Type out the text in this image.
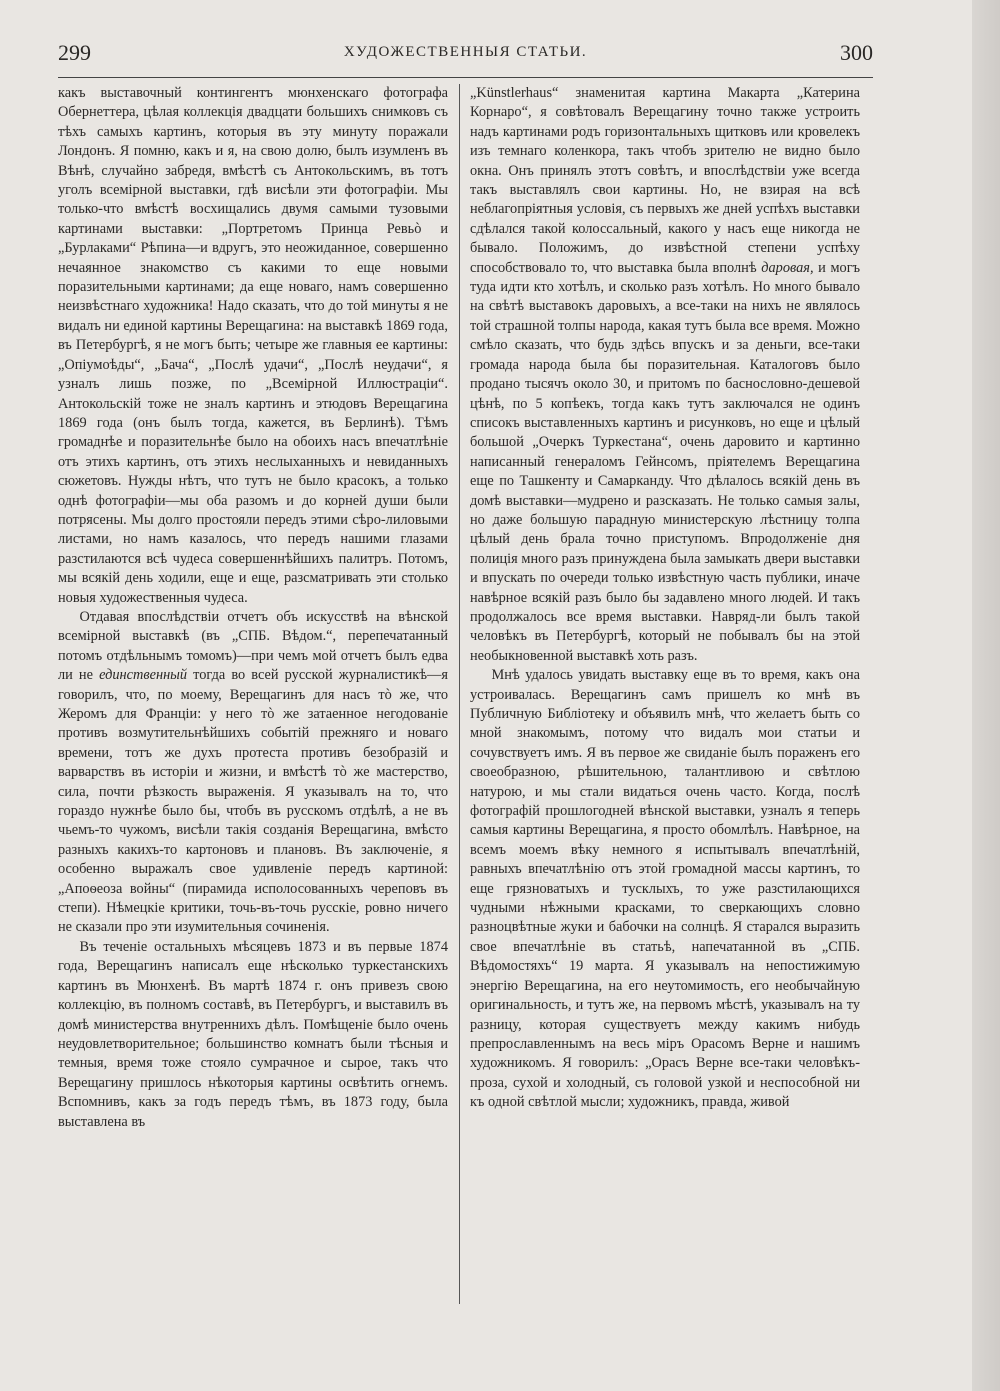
299	ХУДОЖЕСТВЕННЫЯ СТАТЬИ.	300

какъ выставочный контингентъ мюнхенскаго фотографа Обернеттера, цѣлая коллекція двадцати большихъ снимковъ съ тѣхъ самыхъ картинъ, которыя въ эту минуту поражали Лондонъ. Я помню, какъ и я, на свою долю, былъ изумленъ въ Вѣнѣ, случайно забредя, вмѣстѣ съ Антокольскимъ, въ тотъ уголъ всемірной выставки, гдѣ висѣли эти фотографіи. Мы только-что вмѣстѣ восхищались двумя самыми тузовыми картинами выставки: „Портретомъ Принца Ревьò и „Бурлаками“ Рѣпина—и вдругъ, это неожиданное, совершенно нечаянное знакомство съ какими то еще новыми поразительными картинами; да еще новаго, намъ совершенно неизвѣстнаго художника! Надо сказать, что до той минуты я не видалъ ни единой картины Верещагина: на выставкѣ 1869 года, въ Петербургѣ, я не могъ быть; четыре же главныя ее картины: „Опіумоѣды“, „Бача“, „Послѣ удачи“, „Послѣ неудачи“, я узналъ лишь позже, по „Всемірной Иллюстраціи“. Антокольскій тоже не зналъ картинъ и этюдовъ Верещагина 1869 года (онъ былъ тогда, кажется, въ Берлинѣ). Тѣмъ громаднѣе и поразительнѣе было на обоихъ насъ впечатлѣніе отъ этихъ картинъ, отъ этихъ неслыханныхъ и невиданныхъ сюжетовъ. Нужды нѣтъ, что тутъ не было красокъ, а только однѣ фотографіи—мы оба разомъ и до корней души были потрясены. Мы долго простояли передъ этими сѣро-лиловыми листами, но намъ казалось, что передъ нашими глазами разстилаются всѣ чудеса совершеннѣйшихъ палитръ. Потомъ, мы всякій день ходили, еще и еще, разсматривать эти столько новыя художественныя чудеса.

Отдавая впослѣдствіи отчетъ объ искусствѣ на вѣнской всемірной выставкѣ (въ „СПБ. Вѣдом.“, перепечатанный потомъ отдѣльнымъ томомъ)—при чемъ мой отчетъ былъ едва ли не единственный тогда во всей русской журналистикѣ—я говорилъ, что, по моему, Верещагинъ для насъ тò же, что Жеромъ для Франціи: у него тò же затаенное негодованіе противъ возмутительнѣйшихъ событій прежняго и новаго времени, тотъ же духъ протеста противъ безобразій и варварствъ въ исторіи и жизни, и вмѣстѣ тò же мастерство, сила, почти рѣзкость выраженія. Я указывалъ на то, что гораздо нужнѣе было бы, чтобъ въ русскомъ отдѣлѣ, а не въ чьемъ-то чужомъ, висѣли такія созданія Верещагина, вмѣсто разныхъ какихъ-то картоновъ и плановъ. Въ заключеніе, я особенно выражалъ свое удивленіе передъ картиной: „Апоѳеоза войны“ (пирамида исполосованныхъ череповъ въ степи). Нѣмецкіе критики, точь-въ-точь русскіе, ровно ничего не сказали про эти изумительныя сочиненія.

Въ теченіе остальныхъ мѣсяцевъ 1873 и въ первые 1874 года, Верещагинъ написалъ еще нѣсколько туркестанскихъ картинъ въ Мюнхенѣ. Въ мартѣ 1874 г. онъ привезъ свою коллекцію, въ полномъ составѣ, въ Петербургъ, и выставилъ въ домѣ министерства внутреннихъ дѣлъ. Помѣщеніе было очень неудовлетворительное; большинство комнатъ были тѣсныя и темныя, время тоже стояло сумрачное и сырое, такъ что Верещагину пришлось нѣкоторыя картины освѣтить огнемъ. Вспомнивъ, какъ за годъ передъ тѣмъ, въ 1873 году, была выставлена въ

„Künstlerhaus“ знаменитая картина Макарта „Катерина Корнаро“, я совѣтовалъ Верещагину точно также устроить надъ картинами родъ горизонтальныхъ щитковъ или кровелекъ изъ темнаго коленкора, такъ чтобъ зрителю не видно было окна. Онъ принялъ этотъ совѣтъ, и впослѣдствіи уже всегда такъ выставлялъ свои картины. Но, не взирая на всѣ неблагопріятныя условія, съ первыхъ же дней успѣхъ выставки сдѣлался такой колоссальный, какого у насъ еще никогда не бывало. Положимъ, до извѣстной степени успѣху способствовало то, что выставка была вполнѣ даровая, и могъ туда идти кто хотѣлъ, и сколько разъ хотѣлъ. Но много бывало на свѣтѣ выставокъ даровыхъ, а все-таки на нихъ не являлось той страшной толпы народа, какая тутъ была все время. Можно смѣло сказать, что будь здѣсь впускъ и за деньги, все-таки громада народа была бы поразительная. Каталоговъ было продано тысячъ около 30, и притомъ по баснословно-дешевой цѣнѣ, по 5 копѣекъ, тогда какъ тутъ заключался не одинъ списокъ выставленныхъ картинъ и рисунковъ, но еще и цѣлый большой „Очеркъ Туркестана“, очень даровито и картинно написанный генераломъ Гейнсомъ, пріятелемъ Верещагина еще по Ташкенту и Самарканду. Что дѣлалось всякій день въ домѣ выставки—мудрено и разсказать. Не только самыя залы, но даже большую парадную министерскую лѣстницу толпа цѣлый день брала точно приступомъ. Впродолженіе дня полиція много разъ принуждена была замыкать двери выставки и впускать по очереди только извѣстную часть публики, иначе навѣрное всякій разъ было бы задавлено много людей. И такъ продолжалось все время выставки. Навряд-ли былъ такой человѣкъ въ Петербургѣ, который не побывалъ бы на этой необыкновенной выставкѣ хоть разъ.

Мнѣ удалось увидать выставку еще въ то время, какъ она устроивалась. Верещагинъ самъ пришелъ ко мнѣ въ Публичную Библіотеку и объявилъ мнѣ, что желаетъ быть со мной знакомымъ, потому что видалъ мои статьи и сочувствуетъ имъ. Я въ первое же свиданіе былъ пораженъ его своеобразною, рѣшительною, талантливою и свѣтлою натурою, и мы стали видаться очень часто. Когда, послѣ фотографій прошлогодней вѣнской выставки, узналъ я теперь самыя картины Верещагина, я просто обомлѣлъ. Навѣрное, на всемъ моемъ вѣку немного я испытывалъ впечатлѣній, равныхъ впечатлѣнію отъ этой громадной массы картинъ, то еще грязноватыхъ и тусклыхъ, то уже разстилающихся чудными нѣжными красками, то сверкающихъ словно разноцвѣтные жуки и бабочки на солнцѣ. Я старался выразить свое впечатлѣніе въ статьѣ, напечатанной въ „СПБ. Вѣдомостяхъ“ 19 марта. Я указывалъ на непостижимую энергію Верещагина, на его неутомимость, его необычайную оригинальность, и тутъ же, на первомъ мѣстѣ, указывалъ на ту разницу, которая существуетъ между какимъ нибудь препрославленнымъ на весь міръ Орасомъ Верне и нашимъ художникомъ. Я говорилъ: „Орасъ Верне все-таки человѣкъ-проза, сухой и холодный, съ головой узкой и неспособной ни къ одной свѣтлой мысли; художникъ, правда, живой
